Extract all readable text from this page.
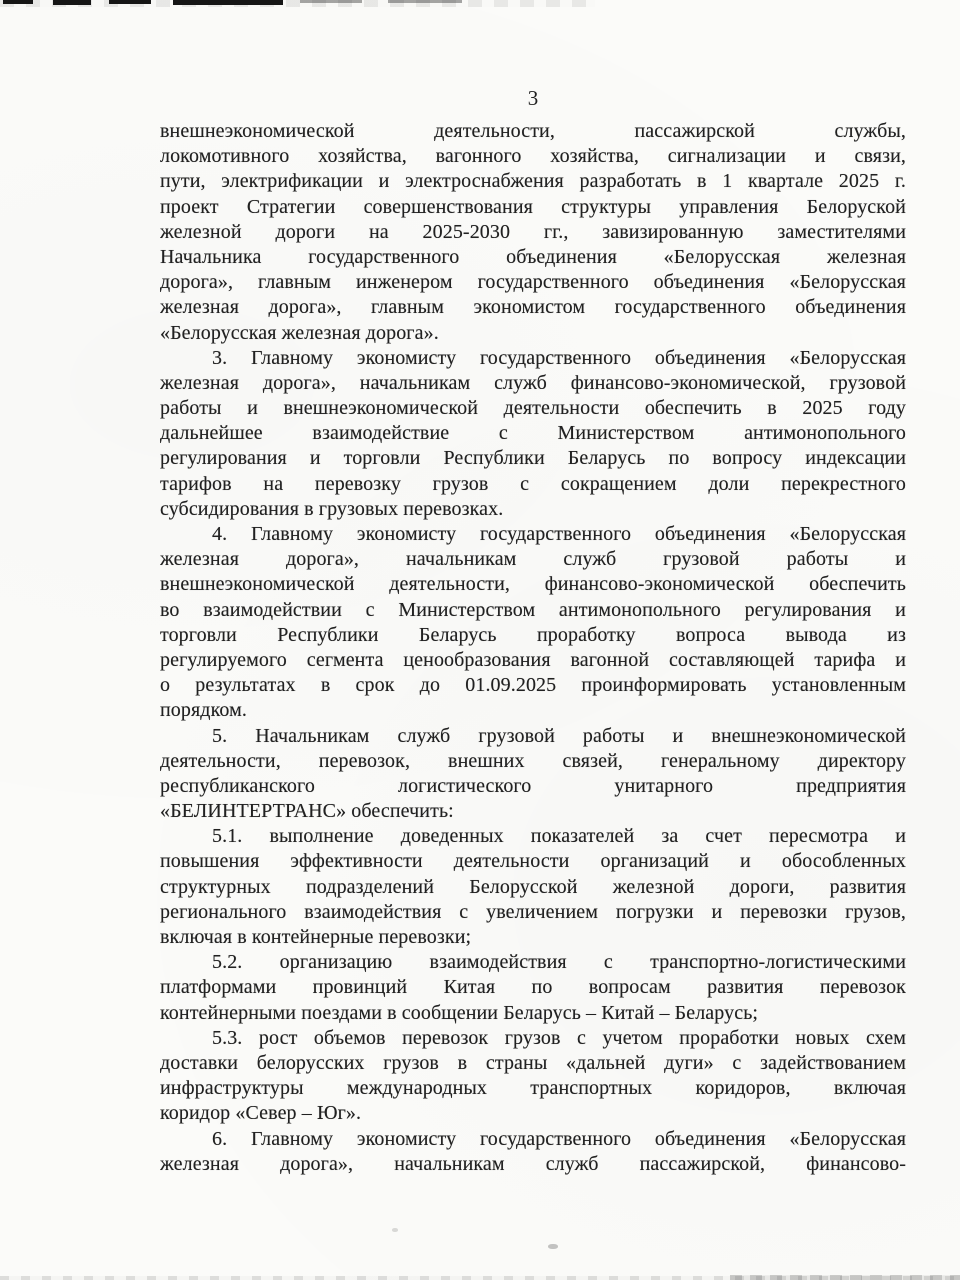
3
внешнеэкономической деятельности, пассажирской службы,
локомотивного хозяйства, вагонного хозяйства, сигнализации и связи,
пути, электрификации и электроснабжения разработать в 1 квартале 2025 г.
проект Стратегии совершенствования структуры управления Белоруской
железной дороги на 2025-2030 гг., завизированную заместителями
Начальника государственного объединения «Белорусская железная
дорога», главным инженером государственного объединения «Белорусская
железная дорога», главным экономистом государственного объединения
«Белорусская железная дорога».
3. Главному экономисту государственного объединения «Белорусская
железная дорога», начальникам служб финансово-экономической, грузовой
работы и внешнеэкономической деятельности обеспечить в 2025 году
дальнейшее взаимодействие с Министерством антимонопольного
регулирования и торговли Республики Беларусь по вопросу индексации
тарифов на перевозку грузов с сокращением доли перекрестного
субсидирования в грузовых перевозках.
4. Главному экономисту государственного объединения «Белорусская
железная дорога», начальникам служб грузовой работы и
внешнеэкономической деятельности, финансово-экономической обеспечить
во взаимодействии с Министерством антимонопольного регулирования и
торговли Республики Беларусь проработку вопроса вывода из
регулируемого сегмента ценообразования вагонной составляющей тарифа и
о результатах в срок до 01.09.2025 проинформировать установленным
порядком.
5. Начальникам служб грузовой работы и внешнеэкономической
деятельности, перевозок, внешних связей, генеральному директору
республиканского логистического унитарного предприятия
«БЕЛИНТЕРТРАНС» обеспечить:
5.1. выполнение доведенных показателей за счет пересмотра и
повышения эффективности деятельности организаций и обособленных
структурных подразделений Белорусской железной дороги, развития
регионального взаимодействия с увеличением погрузки и перевозки грузов,
включая в контейнерные перевозки;
5.2. организацию взаимодействия с транспортно-логистическими
платформами провинций Китая по вопросам развития перевозок
контейнерными поездами в сообщении Беларусь – Китай – Беларусь;
5.3. рост объемов перевозок грузов с учетом проработки новых схем
доставки белорусских грузов в страны «дальней дуги» с задействованием
инфраструктуры международных транспортных коридоров, включая
коридор «Север – Юг».
6. Главному экономисту государственного объединения «Белорусская
железная дорога», начальникам служб пассажирской, финансово-
